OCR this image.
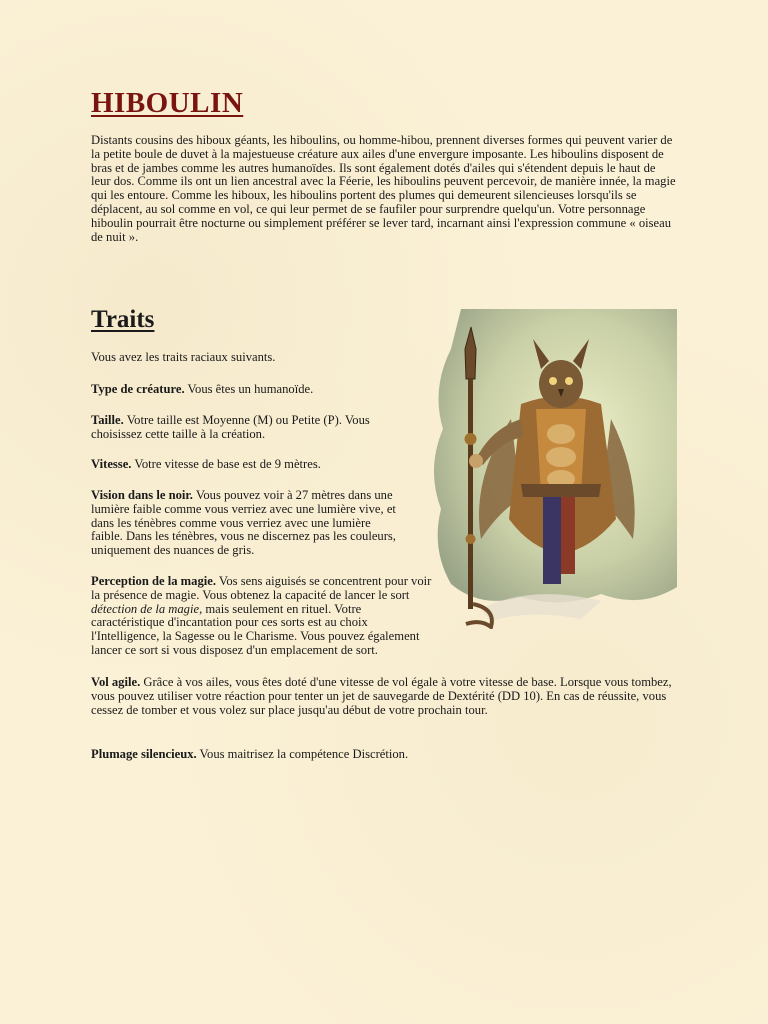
HIBOULIN

Distants cousins des hiboux géants, les hiboulins, ou homme-hibou, prennent diverses formes qui peuvent varier de la petite boule de duvet à la majestueuse créature aux ailes d'une envergure imposante. Les hiboulins disposent de bras et de jambes comme les autres humanoïdes. Ils sont également dotés d'ailes qui s'étendent depuis le haut de leur dos. Comme ils ont un lien ancestral avec la Féerie, les hiboulins peuvent percevoir, de manière innée, la magie qui les entoure. Comme les hiboux, les hiboulins portent des plumes qui demeurent silencieuses lorsqu'ils se déplacent, au sol comme en vol, ce qui leur permet de se faufiler pour surprendre quelqu'un. Votre personnage hiboulin pourrait être nocturne ou simplement préférer se lever tard, incarnant ainsi l'expression commune « oiseau de nuit ».

Traits

Vous avez les traits raciaux suivants.

Type de créature. Vous êtes un humanoïde.

Taille. Votre taille est Moyenne (M) ou Petite (P). Vous choisissez cette taille à la création.

Vitesse. Votre vitesse de base est de 9 mètres.

Vision dans le noir. Vous pouvez voir à 27 mètres dans une lumière faible comme vous verriez avec une lumière vive, et dans les ténèbres comme vous verriez avec une lumière faible. Dans les ténèbres, vous ne discernez pas les couleurs, uniquement des nuances de gris.

Perception de la magie. Vos sens aiguisés se concentrent pour voir la présence de magie. Vous obtenez la capacité de lancer le sort détection de la magie, mais seulement en rituel. Votre caractéristique d'incantation pour ces sorts est au choix l'Intelligence, la Sagesse ou le Charisme. Vous pouvez également lancer ce sort si vous disposez d'un emplacement de sort.

Vol agile. Grâce à vos ailes, vous êtes doté d'une vitesse de vol égale à votre vitesse de base. Lorsque vous tombez, vous pouvez utiliser votre réaction pour tenter un jet de sauvegarde de Dextérité (DD 10). En cas de réussite, vous cessez de tomber et vous volez sur place jusqu'au début de votre prochain tour.

Plumage silencieux. Vous maitrisez la compétence Discrétion.
